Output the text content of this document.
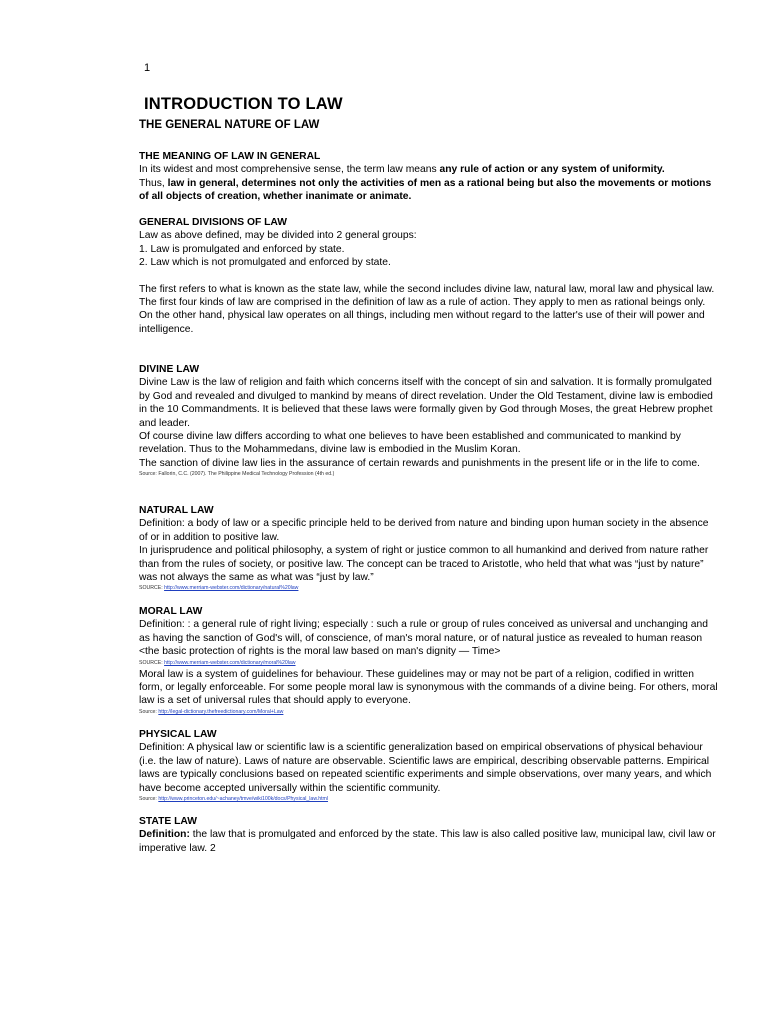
1
INTRODUCTION TO LAW
THE GENERAL NATURE OF LAW
THE MEANING OF LAW IN GENERAL

In its widest and most comprehensive sense, the term law means any rule of action or any system of uniformity.

Thus, law in general, determines not only the activities of men as a rational being but also the movements or motions of all objects of creation, whether inanimate or animate.

GENERAL DIVISIONS OF LAW

Law as above defined, may be divided into 2 general groups:

1. Law is promulgated and enforced by state.

2. Law which is not promulgated and enforced by state.

The first refers to what is known as the state law, while the second includes divine law, natural law, moral law and physical law.

The first four kinds of law are comprised in the definition of law as a rule of action. They apply to men as rational beings only. On the other hand, physical law operates on all things, including men without regard to the latter's use of their will power and intelligence.

DIVINE LAW

Divine Law is the law of religion and faith which concerns itself with the concept of sin and salvation. It is formally promulgated by God and revealed and divulged to mankind by means of direct revelation. Under the Old Testament, divine law is embodied in the 10 Commandments. It is believed that these laws were formally given by God through Moses, the great Hebrew prophet and leader.

Of course divine law differs according to what one believes to have been established and communicated to mankind by revelation. Thus to the Mohammedans, divine law is embodied in the Muslim Koran.

The sanction of divine law lies in the assurance of certain rewards and punishments in the present life or in the life to come.

Source: Fallorin, C.C. (2007). The Philippine Medical Technology Profession (4th ed.)
NATURAL LAW

Definition: a body of law or a specific principle held to be derived from nature and binding upon human society in the absence of or in addition to positive law.

In jurisprudence and political philosophy, a system of right or justice common to all humankind and derived from nature rather than from the rules of society, or positive law. The concept can be traced to Aristotle, who held that what was “just by nature” was not always the same as what was “just by law.”

SOURCE: http://www.merriam-webster.com/dictionary/natural%20law
MORAL LAW

Definition: : a general rule of right living; especially : such a rule or group of rules conceived as universal and unchanging and as having the sanction of God's will, of conscience, of man's moral nature, or of natural justice as revealed to human reason <the basic protection of rights is the moral law based on man's dignity — Time>

SOURCE: http://www.merriam-webster.com/dictionary/moral%20law

Moral law is a system of guidelines for behaviour. These guidelines may or may not be part of a religion, codified in written form, or legally enforceable. For some people moral law is synonymous with the commands of a divine being. For others, moral law is a set of universal rules that should apply to everyone.

Source: http://legal-dictionary.thefreedictionary.com/Moral+Law
PHYSICAL LAW

Definition: A physical law or scientific law is a scientific generalization based on empirical observations of physical behaviour (i.e. the law of nature). Laws of nature are observable. Scientific laws are empirical, describing observable patterns. Empirical laws are typically conclusions based on repeated scientific experiments and simple observations, over many years, and which have become accepted universally within the scientific community.

Source: http://www.princeton.edu/~achaney/tmve/wiki100k/docs/Physical_law.html
STATE LAW

Definition: the law that is promulgated and enforced by the state. This law is also called positive law, municipal law, civil law or imperative law. 2
